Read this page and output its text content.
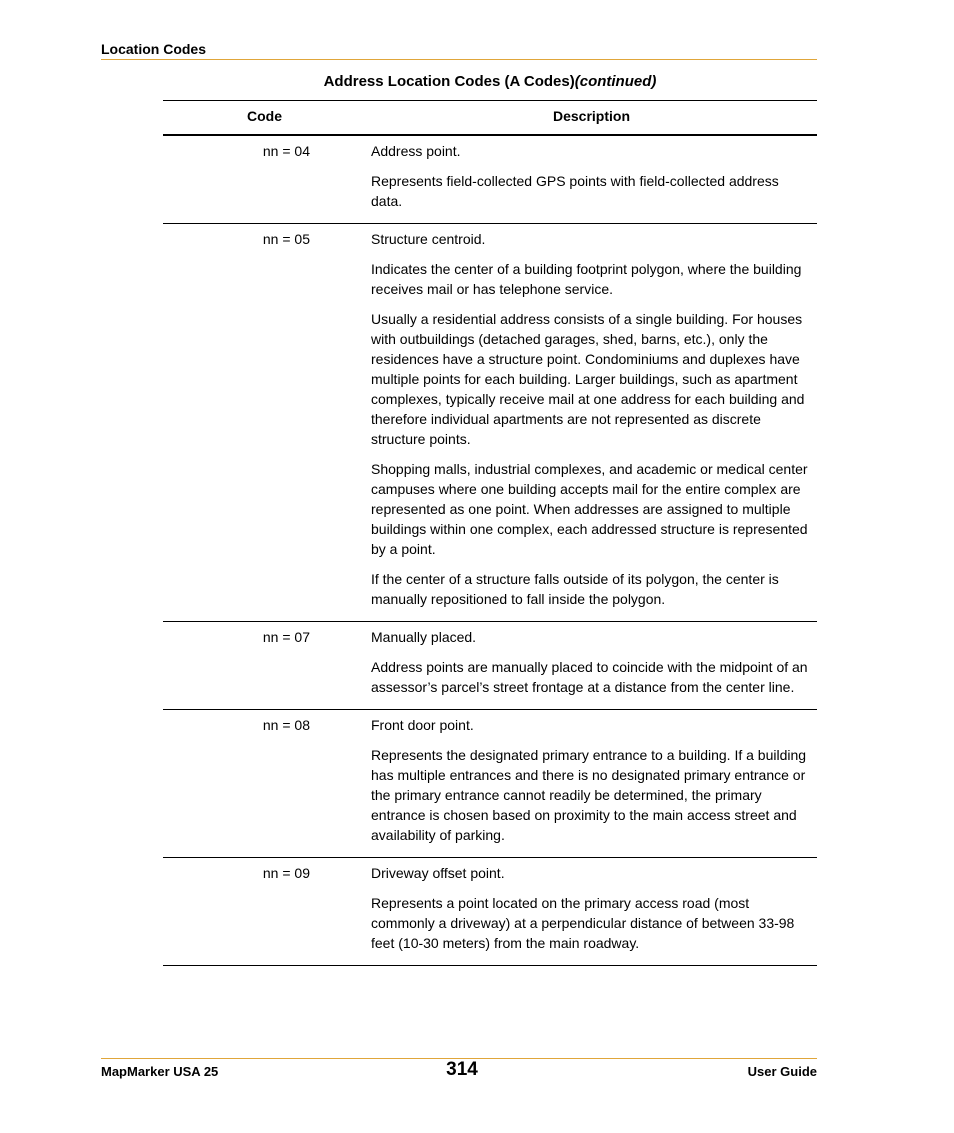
Location Codes
Address Location Codes (A Codes)(continued)
Code	Description
nn = 04	Address point.

Represents field-collected GPS points with field-collected address data.

nn = 05	Structure centroid.

Indicates the center of a building footprint polygon, where the building receives mail or has telephone service.

Usually a residential address consists of a single building. For houses with outbuildings (detached garages, shed, barns, etc.), only the residences have a structure point. Condominiums and duplexes have multiple points for each building. Larger buildings, such as apartment complexes, typically receive mail at one address for each building and therefore individual apartments are not represented as discrete structure points.

Shopping malls, industrial complexes, and academic or medical center campuses where one building accepts mail for the entire complex are represented as one point. When addresses are assigned to multiple buildings within one complex, each addressed structure is represented by a point.

If the center of a structure falls outside of its polygon, the center is manually repositioned to fall inside the polygon.

nn = 07	Manually placed.

Address points are manually placed to coincide with the midpoint of an assessor’s parcel’s street frontage at a distance from the center line.

nn = 08	Front door point.

Represents the designated primary entrance to a building. If a building has multiple entrances and there is no designated primary entrance or the primary entrance cannot readily be determined, the primary entrance is chosen based on proximity to the main access street and availability of parking.

nn = 09	Driveway offset point.

Represents a point located on the primary access road (most commonly a driveway) at a perpendicular distance of between 33-98 feet (10-30 meters) from the main roadway.

MapMarker USA 25	314	User Guide
